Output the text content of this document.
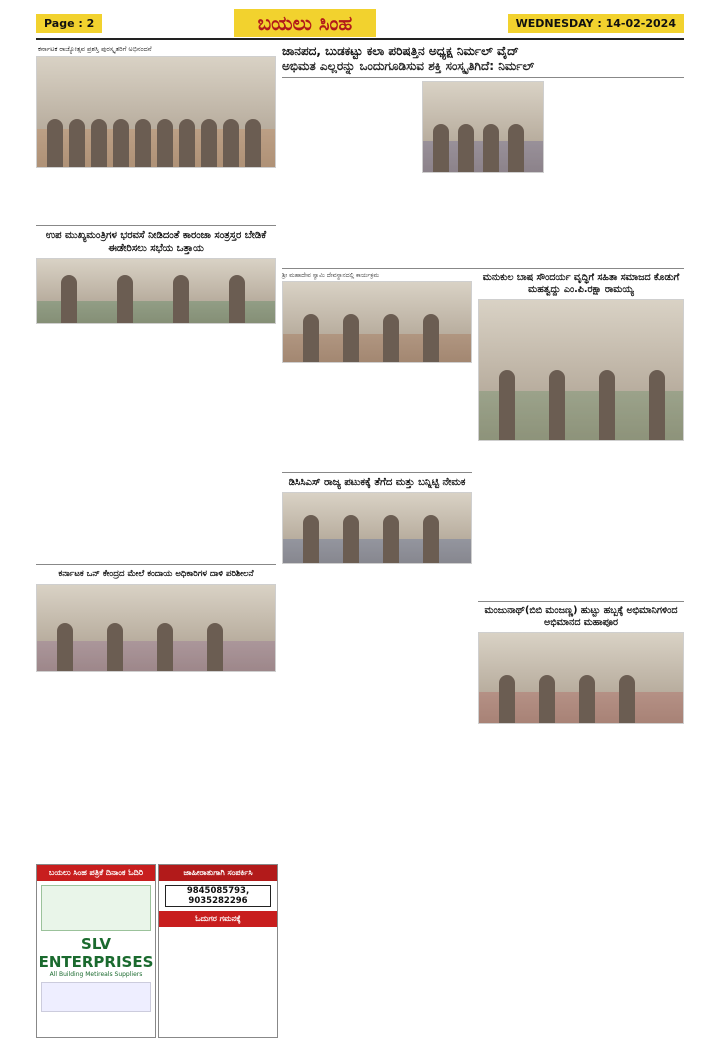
Page : 2	ಬಯಲು ಸಿಂಹ	WEDNESDAY : 14-02-2024
ಕರ್ನಾಟಕ ರಾಜ್ಯೋತ್ಸವ ಪ್ರಶಸ್ತಿ ಪುರಸ್ಕೃತರಿಗೆ ಅಭಿನಂದನೆ
ಉಪ ಮುಖ್ಯಮಂತ್ರಿಗಳ ಭರವಸೆ ನೀಡಿದಂತೆ ಕಾರಂಜಾ ಸಂತ್ರಸ್ತರ ಬೇಡಿಕೆ ಈಡೇರಿಸಲು ಸಭೆಯ ಒತ್ತಾಯ
ಕರ್ನಾಟಕ ಒನ್ ಕೇಂದ್ರದ ಮೇಲೆ ಕಂದಾಯ ಅಧಿಕಾರಿಗಳ ದಾಳಿ ಪರಿಶೀಲನೆ
ಬಯಲು ಸಿಂಹ ಪತ್ರಿಕೆ ದಿನಾಂಕ ಓದಿರಿ
SLV ENTERPRISES
All Building Metireals Suppliers
ಜಾಹೀರಾತುಗಾಗಿ ಸಂಪರ್ಕಿಸಿ
9845085793, 9035282296
ಓದುಗರ ಗಮನಕ್ಕೆ
ಜಾನಪದ, ಬುಡಕಟ್ಟು ಕಲಾ ಪರಿಷತ್ತಿನ ಅಧ್ಯಕ್ಷ ನಿರ್ಮಲ್ ವೈದ್
ಅಭಿಮತ ಎಲ್ಲರನ್ನು ಒಂದುಗೂಡಿಸುವ ಶಕ್ತಿ ಸಂಸ್ಕೃತಿಗಿದೆ: ನಿರ್ಮಲ್
ಶ್ರೀ ಮಹಾದೇವ ಸ್ವಾಮಿ ದೇವಸ್ಥಾನದಲ್ಲಿ ಕಾರ್ಯಕ್ರಮ
ಡಿಸಿಸಿಎಸ್ ರಾಜ್ಯ ಪಟುಕಕ್ಕೆ ತೆಗೆದ ಮತ್ತು ಬನ್ನಿಟ್ಟಿ ನೇಮಕ
ಮನುಕುಲ ಬಾಷ ಸೌಂದರ್ಯ ವೃದ್ಧಿಗೆ ಸಹಿತಾ ಸಮಾಜದ ಕೊಡುಗೆ ಮಹತ್ವದ್ದು ಎಂ.ಪಿ.ರಕ್ಷಾ ರಾಮಯ್ಯ
ಮಂಜುನಾಥ್(ಬಿಬಿ ಮಂಜಣ್ಣ) ಹುಟ್ಟು ಹಬ್ಬಕ್ಕೆ ಅಭಿಮಾನಿಗಳಿಂದ ಅಭಿಮಾನದ ಮಹಾಪೂರ
